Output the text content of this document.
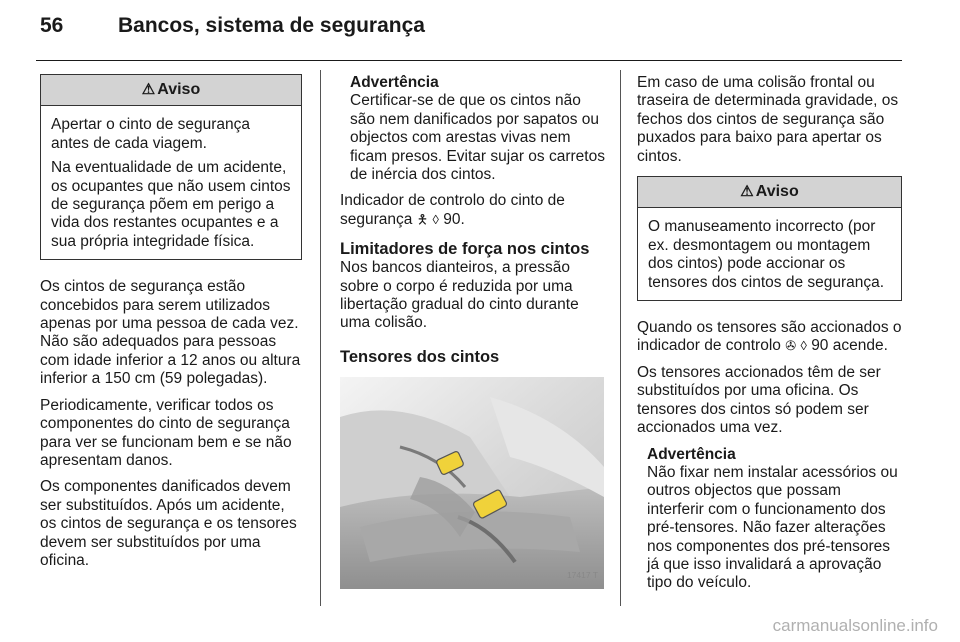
56	Bancos, sistema de segurança
⚠ Aviso

Apertar o cinto de segurança antes de cada viagem.

Na eventualidade de um acidente, os ocupantes que não usem cintos de segurança põem em perigo a vida dos restantes ocupantes e a sua própria integridade física.

Os cintos de segurança estão concebidos para serem utilizados apenas por uma pessoa de cada vez. Não são adequados para pessoas com idade inferior a 12 anos ou altura inferior a 150 cm (59 polegadas).

Periodicamente, verificar todos os componentes do cinto de segurança para ver se funcionam bem e se não apresentam danos.

Os componentes danificados devem ser substituídos. Após um acidente, os cintos de segurança e os tensores devem ser substituídos por uma oficina.

Advertência
Certificar-se de que os cintos não são nem danificados por sapatos ou objectos com arestas vivas nem ficam presos. Evitar sujar os carretos de inércia dos cintos.

Indicador de controlo do cinto de segurança 🯅 ◊ 90.

Limitadores de força nos cintos

Nos bancos dianteiros, a pressão sobre o corpo é reduzida por uma libertação gradual do cinto durante uma colisão.

Tensores dos cintos
17417 T

Em caso de uma colisão frontal ou traseira de determinada gravidade, os fechos dos cintos de segurança são puxados para baixo para apertar os cintos.

⚠ Aviso

O manuseamento incorrecto (por ex. desmontagem ou montagem dos cintos) pode accionar os tensores dos cintos de segurança.

Quando os tensores são accionados o indicador de controlo ✇ ◊ 90 acende.

Os tensores accionados têm de ser substituídos por uma oficina. Os tensores dos cintos só podem ser accionados uma vez.

Advertência
Não fixar nem instalar acessórios ou outros objectos que possam interferir com o funcionamento dos pré-tensores. Não fazer alterações nos componentes dos pré-tensores já que isso invalidará a aprovação tipo do veículo.
carmanualsonline.info
